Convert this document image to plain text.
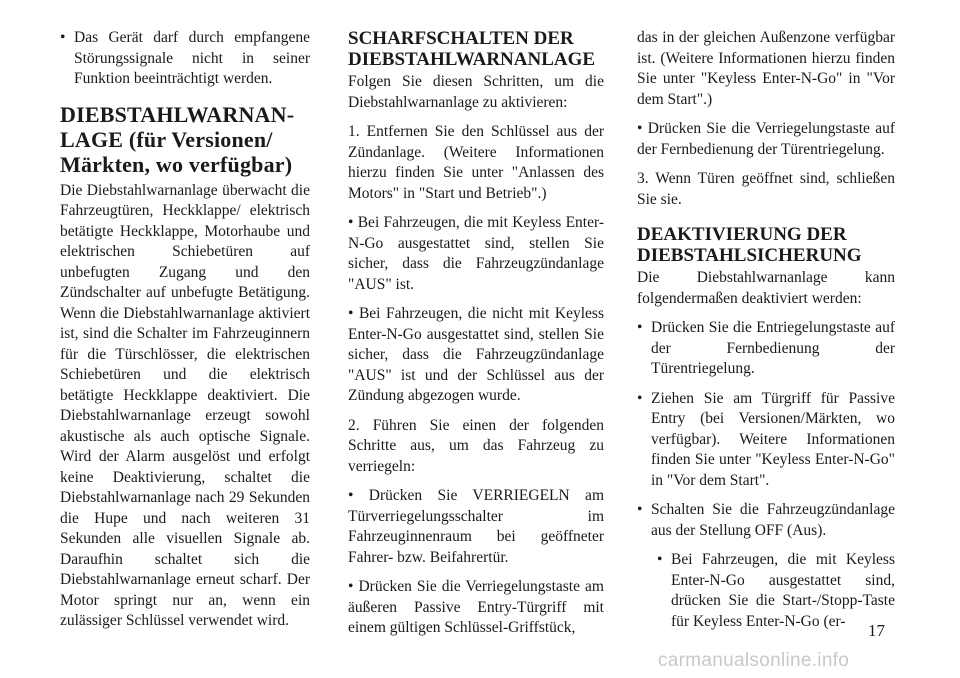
• Das Gerät darf durch empfangene Störungssignale nicht in seiner Funktion beeinträchtigt werden.
DIEBSTAHLWARNAN-
LAGE (für Versionen/
Märkten, wo verfügbar)

Die Diebstahlwarnanlage überwacht die Fahrzeugtüren, Heckklappe/ elektrisch betätigte Heckklappe, Motorhaube und elektrischen Schiebetüren auf unbefugten Zugang und den Zündschalter auf unbefugte Betätigung. Wenn die Diebstahlwarnanlage aktiviert ist, sind die Schalter im Fahrzeuginnern für die Türschlösser, die elektrischen Schiebetüren und die elektrisch betätigte Heckklappe deaktiviert. Die Diebstahlwarnanlage erzeugt sowohl akustische als auch optische Signale. Wird der Alarm ausgelöst und erfolgt keine Deaktivierung, schaltet die Diebstahlwarnanlage nach 29 Sekunden die Hupe und nach weiteren 31 Sekunden alle visuellen Signale ab. Daraufhin schaltet sich die Diebstahlwarnanlage erneut scharf. Der Motor springt nur an, wenn ein zulässiger Schlüssel verwendet wird.

SCHARFSCHALTEN DER
DIEBSTAHLWARNANLAGE

Folgen Sie diesen Schritten, um die Diebstahlwarnanlage zu aktivieren:

1. Entfernen Sie den Schlüssel aus der Zündanlage. (Weitere Informationen hierzu finden Sie unter "Anlassen des Motors" in "Start und Betrieb".)

• Bei Fahrzeugen, die mit Keyless Enter-N-Go ausgestattet sind, stellen Sie sicher, dass die Fahrzeugzündanlage "AUS" ist.

• Bei Fahrzeugen, die nicht mit Keyless Enter-N-Go ausgestattet sind, stellen Sie sicher, dass die Fahrzeugzündanlage "AUS" ist und der Schlüssel aus der Zündung abgezogen wurde.

2. Führen Sie einen der folgenden Schritte aus, um das Fahrzeug zu verriegeln:

• Drücken Sie VERRIEGELN am Türverriegelungsschalter im Fahrzeuginnenraum bei geöffneter Fahrer- bzw. Beifahrertür.

• Drücken Sie die Verriegelungstaste am äußeren Passive Entry-Türgriff mit einem gültigen Schlüssel-Griffstück,

das in der gleichen Außenzone verfügbar ist. (Weitere Informationen hierzu finden Sie unter "Keyless Enter-N-Go" in "Vor dem Start".)

• Drücken Sie die Verriegelungstaste auf der Fernbedienung der Türentriegelung.

3. Wenn Türen geöffnet sind, schließen Sie sie.

DEAKTIVIERUNG DER
DIEBSTAHLSICHERUNG

Die Diebstahlwarnanlage kann folgendermaßen deaktiviert werden:

• Drücken Sie die Entriegelungstaste auf der Fernbedienung der Türentriegelung.
• Ziehen Sie am Türgriff für Passive Entry (bei Versionen/Märkten, wo verfügbar). Weitere Informationen finden Sie unter "Keyless Enter-N-Go" in "Vor dem Start".
• Schalten Sie die Fahrzeugzündanlage aus der Stellung OFF (Aus).
• Bei Fahrzeugen, die mit Keyless Enter-N-Go ausgestattet sind, drücken Sie die Start-/Stopp-Taste für Keyless Enter-N-Go (er-	17
carmanualsonline.info
